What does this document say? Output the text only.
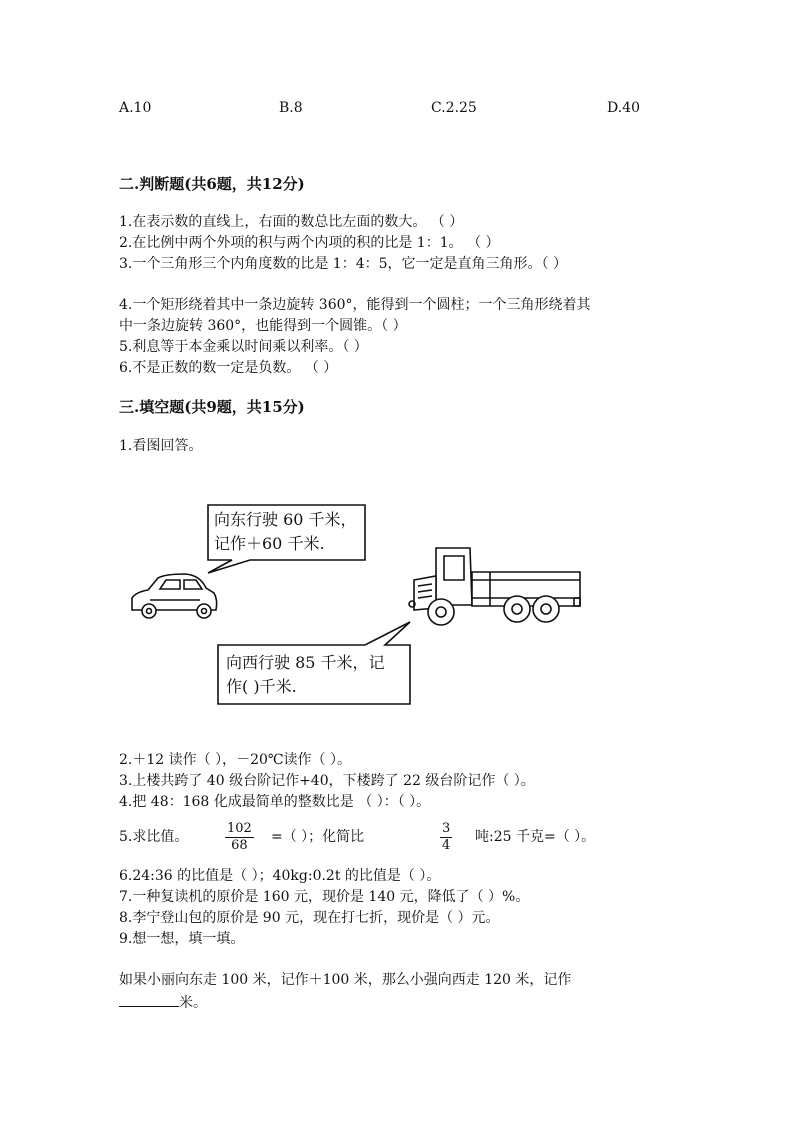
A.10	B.8	C.2.25	D.40
二.判断题(共6题，共12分)
1.在表示数的直线上，右面的数总比左面的数大。 （ ）
2.在比例中两个外项的积与两个内项的积的比是 1：1。 （ ）
3.一个三角形三个内角度数的比是 1：4：5，它一定是直角三角形。（ ）
4.一个矩形绕着其中一条边旋转 360°，能得到一个圆柱；一个三角形绕着其
中一条边旋转 360°，也能得到一个圆锥。（ ）
5.利息等于本金乘以时间乘以利率。（ ）
6.不是正数的数一定是负数。 （ ）
三.填空题(共9题，共15分)
1.看图回答。
向东行驶 60 千米，
记作＋60 千米.
向西行驶 85 千米，记
作( )千米.
2.＋12 读作（ ），－20℃读作（ ）。
3.上楼共跨了 40 级台阶记作+40，下楼跨了 22 级台阶记作（ ）。
4.把 48：168 化成最简单的整数比是 （ ）：（ ）。
5.求比值。	$\frac{102}{68}$ =（ ）；化简比	$\frac{3}{4}$ 吨:25 千克=（ ）。
6.24:36 的比值是（ ）；40kg:0.2t 的比值是（ ）。
7.一种复读机的原价是 160 元，现价是 140 元，降低了（ ）%。
8.李宁登山包的原价是 90 元，现在打七折，现价是（ ）元。
9.想一想，填一填。
如果小丽向东走 100 米，记作＋100 米，那么小强向西走 120 米，记作
米。
